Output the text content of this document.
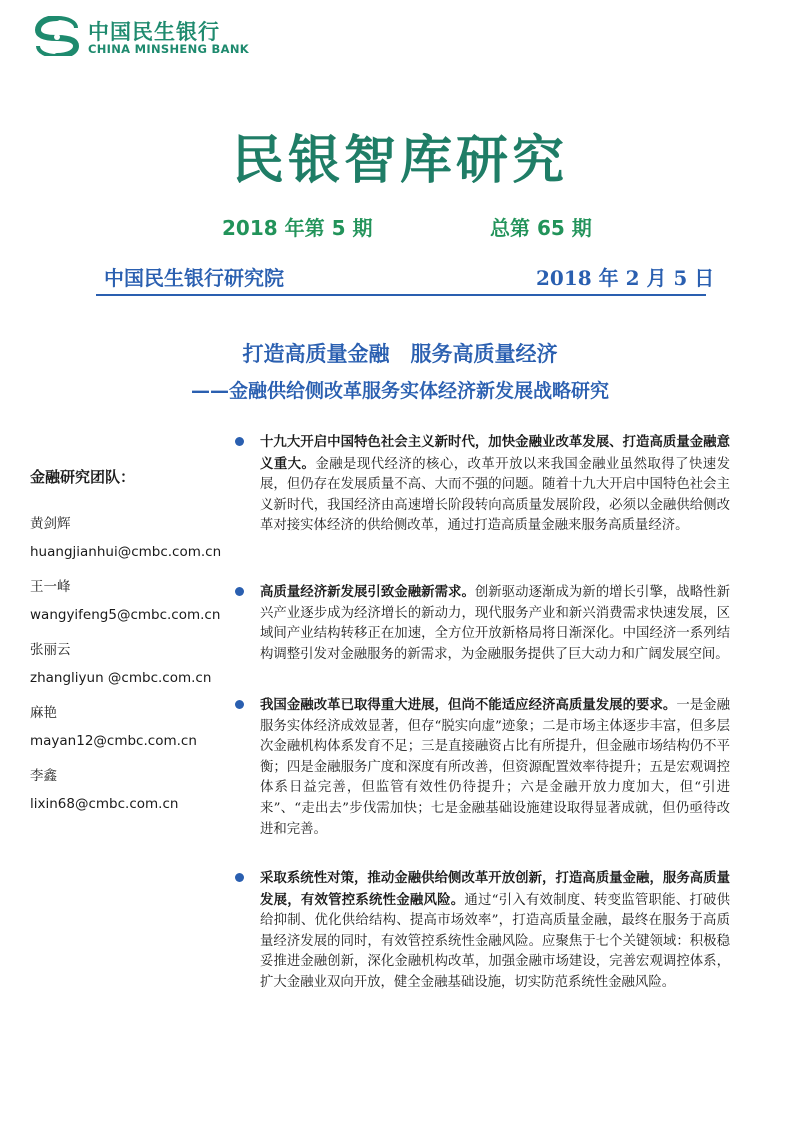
中国民生银行
CHINA MINSHENG BANK
民银智库研究
2018 年第 5 期	总第 65 期
中国民生银行研究院	2018 年 2 月 5 日
打造高质量金融　服务高质量经济
——金融供给侧改革服务实体经济新发展战略研究
金融研究团队：
黄剑辉
huangjianhui@cmbc.com.cn
王一峰
wangyifeng5@cmbc.com.cn
张丽云
zhangliyun @cmbc.com.cn
麻艳
mayan12@cmbc.com.cn
李鑫
lixin68@cmbc.com.cn
十九大开启中国特色社会主义新时代，加快金融业改革发展、打造高质量金融意义重大。金融是现代经济的核心，改革开放以来我国金融业虽然取得了快速发展，但仍存在发展质量不高、大而不强的问题。随着十九大开启中国特色社会主义新时代，我国经济由高速增长阶段转向高质量发展阶段，必须以金融供给侧改革对接实体经济的供给侧改革，通过打造高质量金融来服务高质量经济。
高质量经济新发展引致金融新需求。创新驱动逐渐成为新的增长引擎，战略性新兴产业逐步成为经济增长的新动力，现代服务产业和新兴消费需求快速发展，区域间产业结构转移正在加速，全方位开放新格局将日渐深化。中国经济一系列结构调整引发对金融服务的新需求，为金融服务提供了巨大动力和广阔发展空间。
我国金融改革已取得重大进展，但尚不能适应经济高质量发展的要求。一是金融服务实体经济成效显著，但存“脱实向虚”迹象；二是市场主体逐步丰富，但多层次金融机构体系发育不足；三是直接融资占比有所提升，但金融市场结构仍不平衡；四是金融服务广度和深度有所改善，但资源配置效率待提升；五是宏观调控体系日益完善，但监管有效性仍待提升；六是金融开放力度加大，但“引进来”、“走出去”步伐需加快；七是金融基础设施建设取得显著成就，但仍亟待改进和完善。
采取系统性对策，推动金融供给侧改革开放创新，打造高质量金融，服务高质量发展，有效管控系统性金融风险。通过“引入有效制度、转变监管职能、打破供给抑制、优化供给结构、提高市场效率”，打造高质量金融，最终在服务于高质量经济发展的同时，有效管控系统性金融风险。应聚焦于七个关键领域：积极稳妥推进金融创新，深化金融机构改革，加强金融市场建设，完善宏观调控体系，扩大金融业双向开放，健全金融基础设施，切实防范系统性金融风险。
